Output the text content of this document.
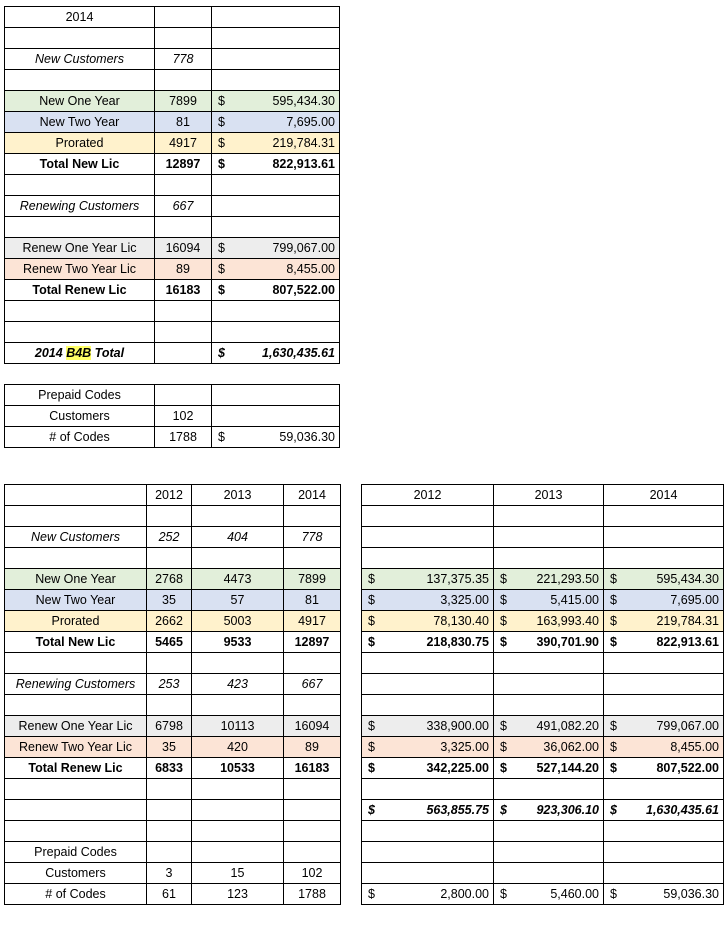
2014		

New Customers	778	

New One Year	7899	$ 595,434.30

New Two Year	81	$ 7,695.00

Prorated	4917	$ 219,784.31

Total New Lic	12897	$ 822,913.61

Renewing Customers	667	

Renew One Year Lic	16094	$ 799,067.00

Renew Two Year Lic	89	$ 8,455.00

Total Renew Lic	16183	$ 807,522.00

2014 B4B Total		$ 1,630,435.61
Prepaid Codes		
Customers	102	
# of Codes	1788	$ 59,036.30
	2012	2013	2014

New Customers	252	404	778

New One Year	2768	4473	7899
New Two Year	35	57	81
Prorated	2662	5003	4917
Total New Lic	5465	9533	12897

Renewing Customers	253	423	667

Renew One Year Lic	6798	10113	16094
Renew Two Year Lic	35	420	89
Total Renew Lic	6833	10533	16183

Prepaid Codes			
Customers	3	15	102
# of Codes	61	123	1788
2012	2013	2014

$ 137,375.35	$ 221,293.50	$ 595,434.30

$ 3,325.00	$ 5,415.00	$ 7,695.00

$ 78,130.40	$ 163,993.40	$ 219,784.31

$ 218,830.75	$ 390,701.90	$ 822,913.61

$ 338,900.00	$ 491,082.20	$ 799,067.00

$ 3,325.00	$ 36,062.00	$ 8,455.00

$ 342,225.00	$ 527,144.20	$ 807,522.00

$ 563,855.75	$ 923,306.10	$ 1,630,435.61

$ 2,800.00	$ 5,460.00	$ 59,036.30
